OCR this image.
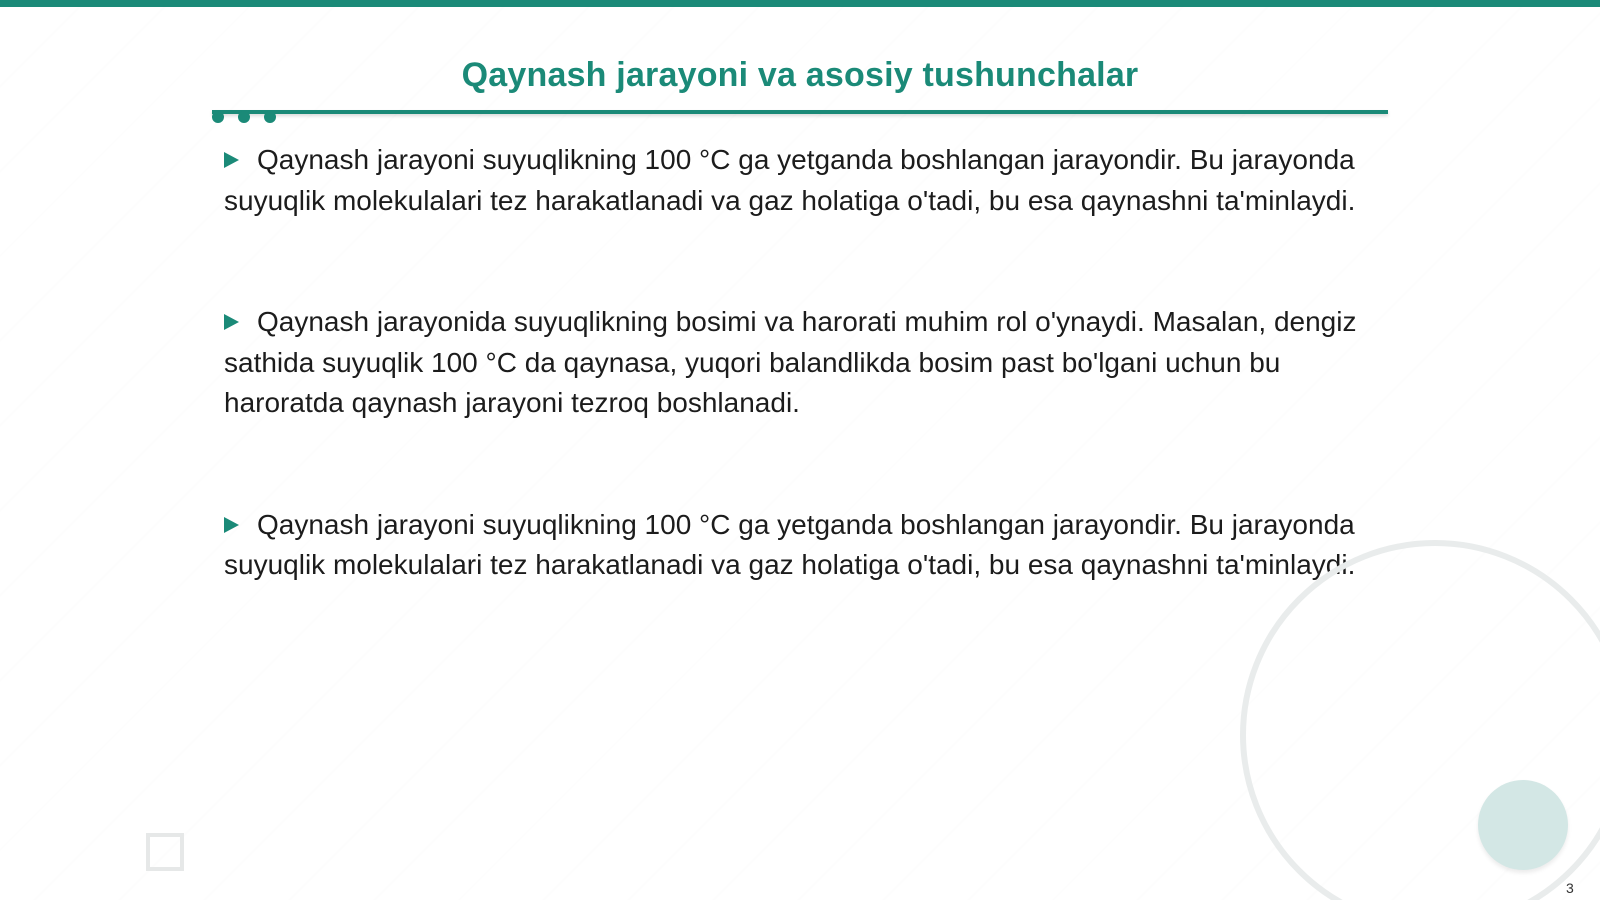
Qaynash jarayoni va asosiy tushunchalar

Qaynash jarayoni suyuqlikning 100 °C ga yetganda boshlangan jarayondir. Bu jarayonda suyuqlik molekulalari tez harakatlanadi va gaz holatiga o'tadi, bu esa qaynashni ta'minlaydi.

Qaynash jarayonida suyuqlikning bosimi va harorati muhim rol o'ynaydi. Masalan, dengiz sathida suyuqlik 100 °C da qaynasa, yuqori balandlikda bosim past bo'lgani uchun bu haroratda qaynash jarayoni tezroq boshlanadi.

Qaynash jarayoni suyuqlikning 100 °C ga yetganda boshlangan jarayondir. Bu jarayonda suyuqlik molekulalari tez harakatlanadi va gaz holatiga o'tadi, bu esa qaynashni ta'minlaydi.

3
